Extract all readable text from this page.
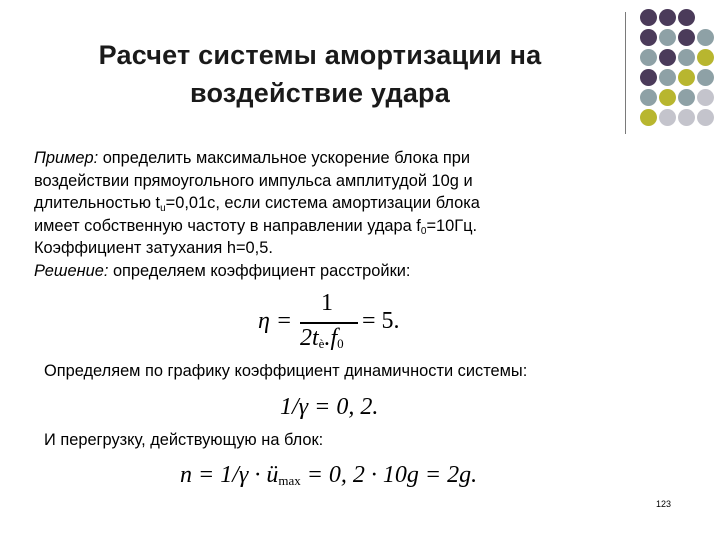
Расчет системы амортизации на воздействие удара

Пример: определить максимальное ускорение блока при

воздействии прямоугольного импульса амплитудой 10g и

длительностью $t_u=0,01с$, если система амортизации блока

имеет собственную частоту в направлении удара $f_0=10Гц$.

Коэффициент затухания h=0,5.

Решение: определяем коэффициент расстройки:

η =
1
$2t_è.f_0$
= 5.
Определяем по графику коэффициент динамичности системы:
1/γ = 0, 2.
И перегрузку, действующую на блок:
$n = 1/\gamma \cdot ü_{max} = 0$, 2 · 10g = 2g.
123
